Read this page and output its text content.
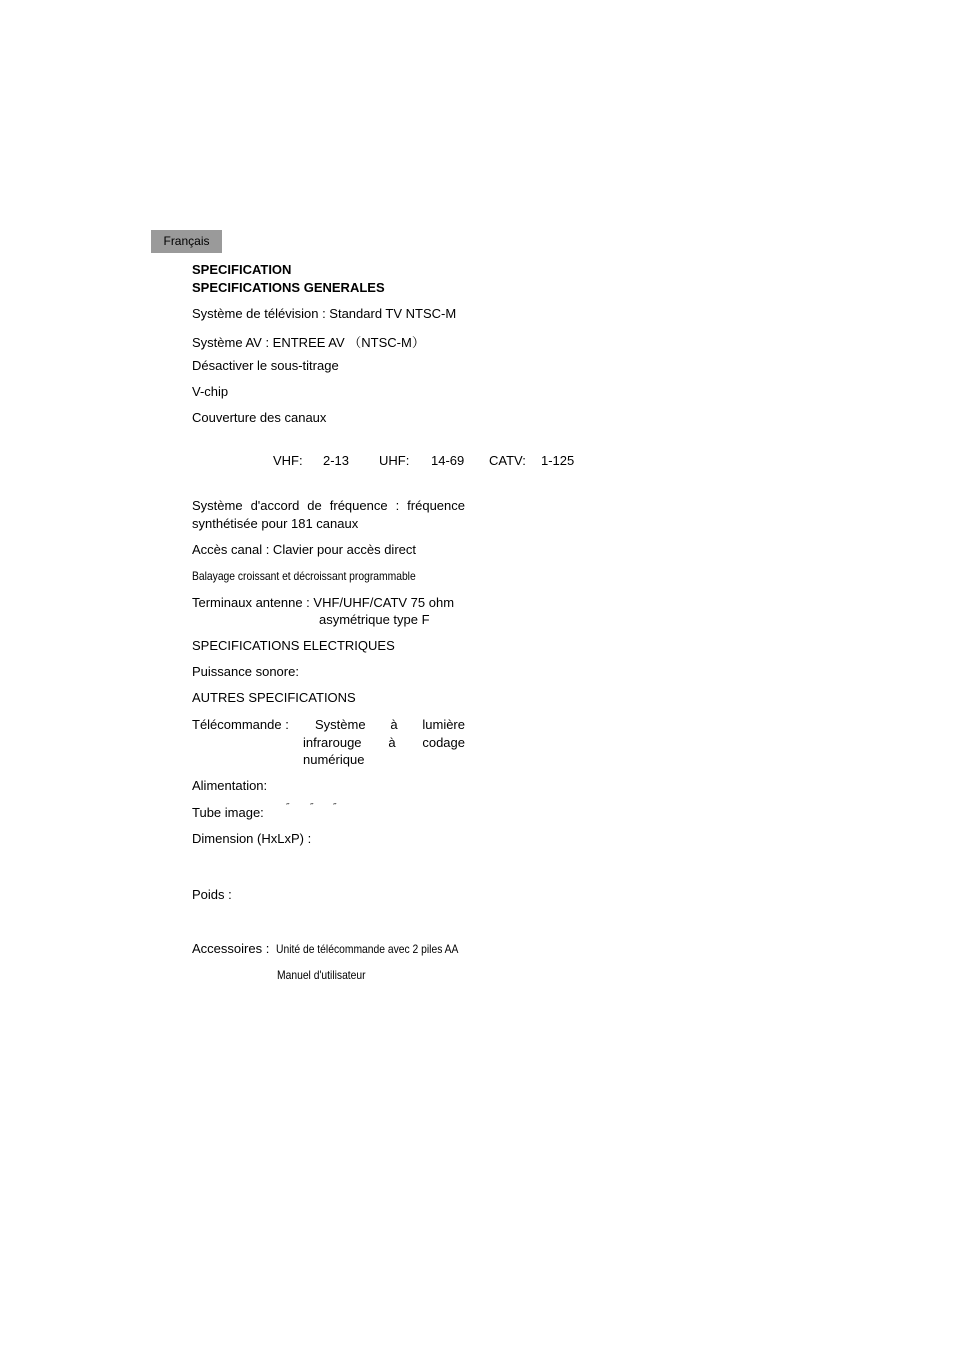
Français
SPECIFICATION
SPECIFICATIONS GENERALES
Système de télévision : Standard TV NTSC-M
Système AV : ENTREE AV （NTSC-M）
Désactiver le sous-titrage
V-chip
Couverture des canaux
VHF: 2-13 UHF: 14-69 CATV: 1-125
Système d'accord de fréquence : fréquence
synthétisée pour 181 canaux
Accès canal : Clavier pour accès direct
Balayage croissant et décroissant programmable
Terminaux antenne : VHF/UHF/CATV 75 ohm
asymétrique type F
SPECIFICATIONS ELECTRIQUES
Puissance sonore:
AUTRES SPECIFICATIONS
Télécommande : Système à lumière
infrarouge à codage
numérique
Alimentation:
Tube image: ˝ ˝ ˝
Dimension (HxLxP) :
Poids :
Accessoires : Unité de télécommande avec 2 piles AA
Manuel d'utilisateur
